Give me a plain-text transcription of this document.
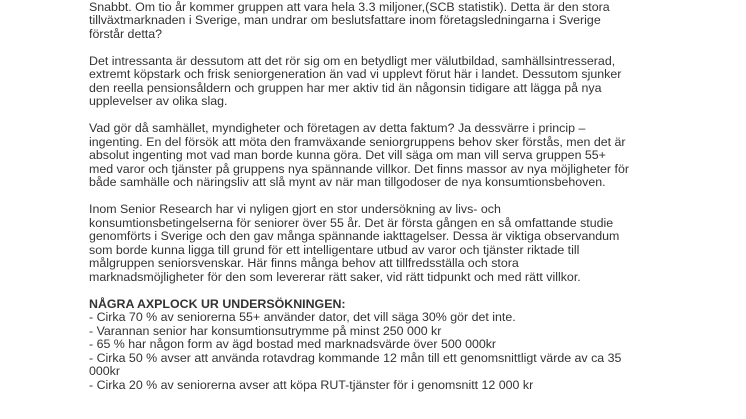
Snabbt. Om tio år kommer gruppen att vara hela 3.3 miljoner,(SCB statistik). Detta är den stora
tillväxtmarknaden i Sverige, man undrar om beslutsfattare inom företagsledningarna i Sverige
förstår detta?

Det intressanta är dessutom att det rör sig om en betydligt mer välutbildad, samhällsintresserad,
extremt köpstark och frisk seniorgeneration än vad vi upplevt förut här i landet. Dessutom sjunker
den reella pensionsåldern och gruppen har mer aktiv tid än någonsin tidigare att lägga på nya
upplevelser av olika slag.

Vad gör då samhället, myndigheter och företagen av detta faktum? Ja dessvärre i princip –
ingenting. En del försök att möta den framväxande seniorgruppens behov sker förstås, men det är
absolut ingenting mot vad man borde kunna göra. Det vill säga om man vill serva gruppen 55+
med varor och tjänster på gruppens nya spännande villkor. Det finns massor av nya möjligheter för
både samhälle och näringsliv att slå mynt av när man tillgodoser de nya konsumtionsbehoven.

Inom Senior Research har vi nyligen gjort en stor undersökning av livs- och
konsumtionsbetingelserna för seniorer över 55 år. Det är första gången en så omfattande studie
genomförts i Sverige och den gav många spännande iakttagelser. Dessa är viktiga observandum
som borde kunna ligga till grund för ett intelligentare utbud av varor och tjänster riktade till
målgruppen seniorsvenskar. Här finns många behov att tillfredsställa och stora
marknadsmöjligheter för den som levererar rätt saker, vid rätt tidpunkt och med rätt villkor.

NÅGRA AXPLOCK UR UNDERSÖKNINGEN:
- Cirka 70 % av seniorerna 55+ använder dator, det vill säga 30% gör det inte.
- Varannan senior har konsumtionsutrymme på minst 250 000 kr
- 65 % har någon form av ägd bostad med marknadsvärde över 500 000kr
- Cirka 50 % avser att använda rotavdrag kommande 12 mån till ett genomsnittligt värde av ca 35
000kr
- Cirka 20 % av seniorerna avser att köpa RUT-tjänster för i genomsnitt 12 000 kr
